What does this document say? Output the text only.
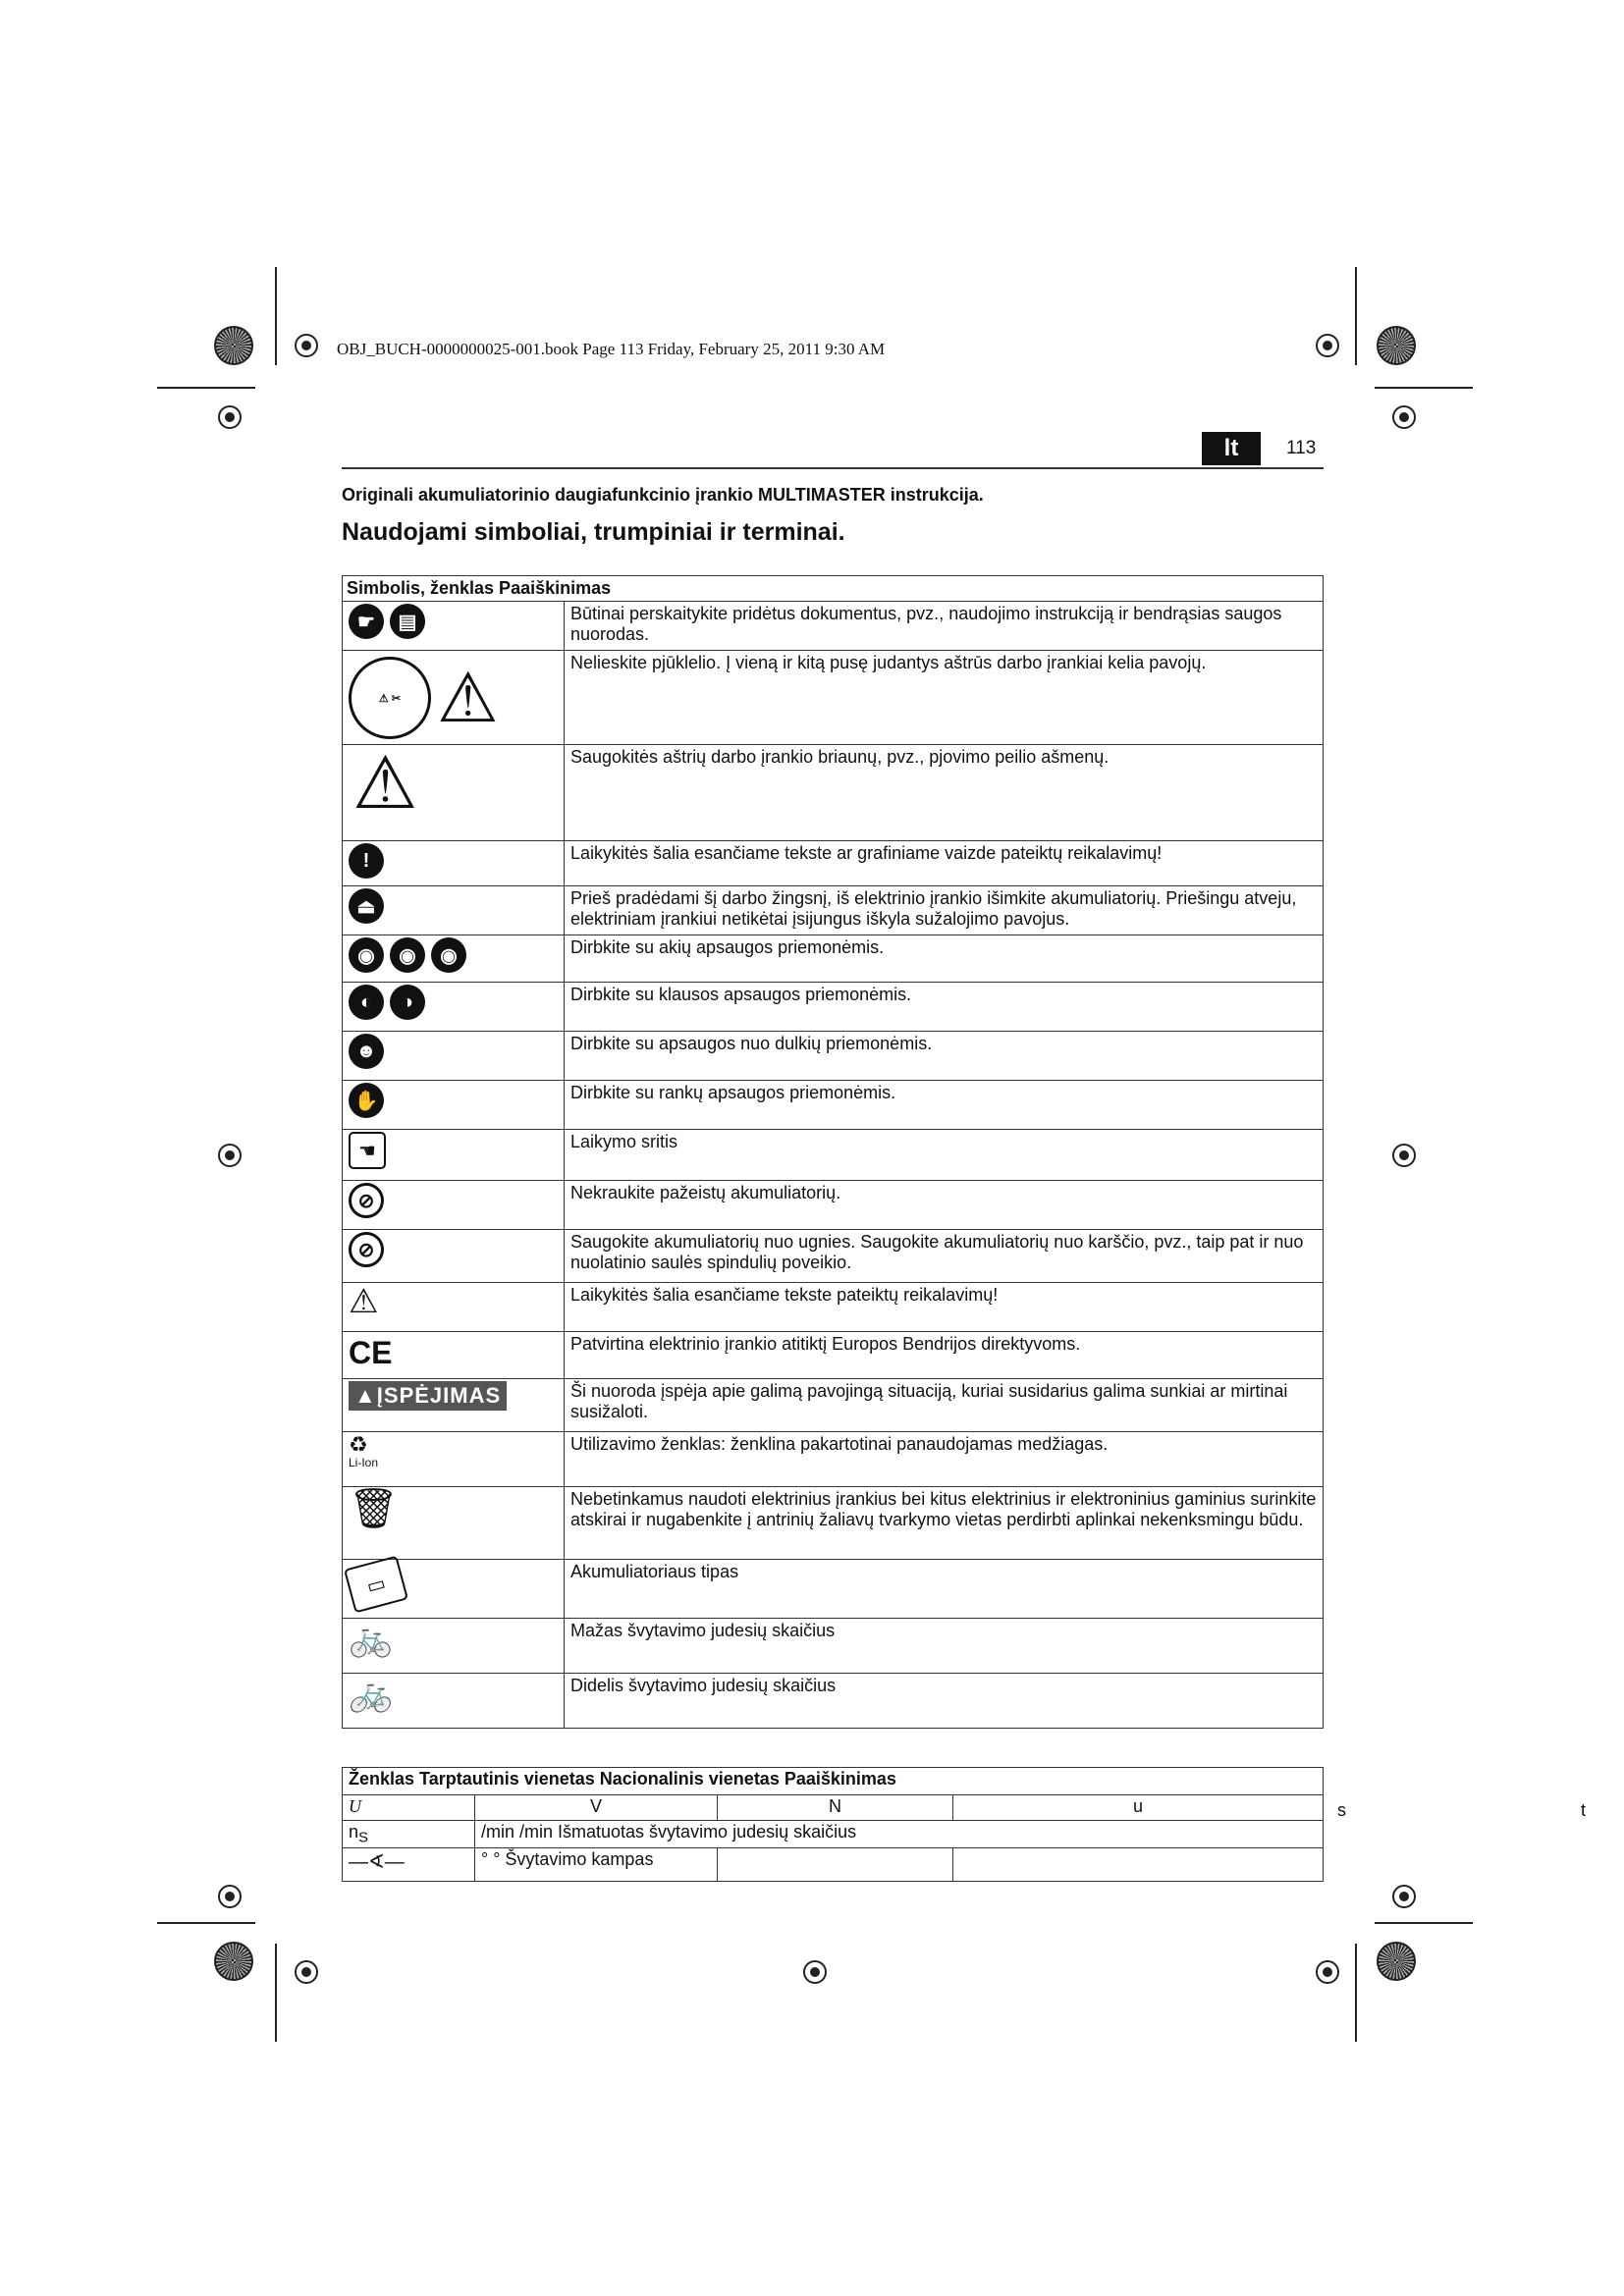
OBJ_BUCH-0000000025-001.book Page 113 Friday, February 25, 2011 9:30 AM
lt	113
Originali akumuliatorinio daugiafunkcinio įrankio MULTIMASTER instrukcija.
Naudojami simboliai, trumpiniai ir terminai.
Simbolis, ženklas Paaiškinimas	

☛ ▤	Būtinai perskaitykite pridėtus dokumentus, pvz., naudojimo instrukciją ir bendrąsias saugos nuorodas.

⚠ ✂ ⚠	Nelieskite pjūklelio. Į vieną ir kitą pusę judantys aštrūs darbo įrankiai kelia pavojų.

⚠	Saugokitės aštrių darbo įrankio briaunų, pvz., pjovimo peilio ašmenų.

!	Laikykitės šalia esančiame tekste ar grafiniame vaizde pateiktų reikalavimų!

⏏	Prieš pradėdami šį darbo žingsnį, iš elektrinio įrankio išimkite akumuliatorių. Priešingu atveju, elektriniam įrankiui netikėtai įsijungus iškyla sužalojimo pavojus.

◉ ◉ ◉	Dirbkite su akių apsaugos priemonėmis.

◐ ◑	Dirbkite su klausos apsaugos priemonėmis.

☻	Dirbkite su apsaugos nuo dulkių priemonėmis.

✋	Dirbkite su rankų apsaugos priemonėmis.

☚	Laikymo sritis

⊘	Nekraukite pažeistų akumuliatorių.

⊘	Saugokite akumuliatorių nuo ugnies. Saugokite akumuliatorių nuo karščio, pvz., taip pat ir nuo nuolatinio saulės spindulių poveikio.

⚠	Laikykitės šalia esančiame tekste pateiktų reikalavimų!

CE	Patvirtina elektrinio įrankio atitiktį Europos Bendrijos direktyvoms.
▲ĮSPĖJIMAS	Ši nuoroda įspėja apie galimą pavojingą situaciją, kuriai susidarius galima sunkiai ar mirtinai susižaloti.

♻
Li-Ion	Utilizavimo ženklas: ženklina pakartotinai panaudojamas medžiagas.

🗑	Nebetinkamus naudoti elektrinius įrankius bei kitus elektrinius ir elektroninius gaminius surinkite atskirai ir nugabenkite į antrinių žaliavų tvarkymo vietas perdirbti aplinkai nekenksmingu būdu.

▭	Akumuliatoriaus tipas

🚲	Mažas švytavimo judesių skaičius

🚲	Didelis švytavimo judesių skaičius
Ženklas Tarptautinis vienetas Nacionalinis vienetas Paaiškinimas			
U	V	N	u
$n_S$	/min /min Išmatuotas švytavimo judesių skaičius		

—∢—	° ° Švytavimo kampas		
s	t
